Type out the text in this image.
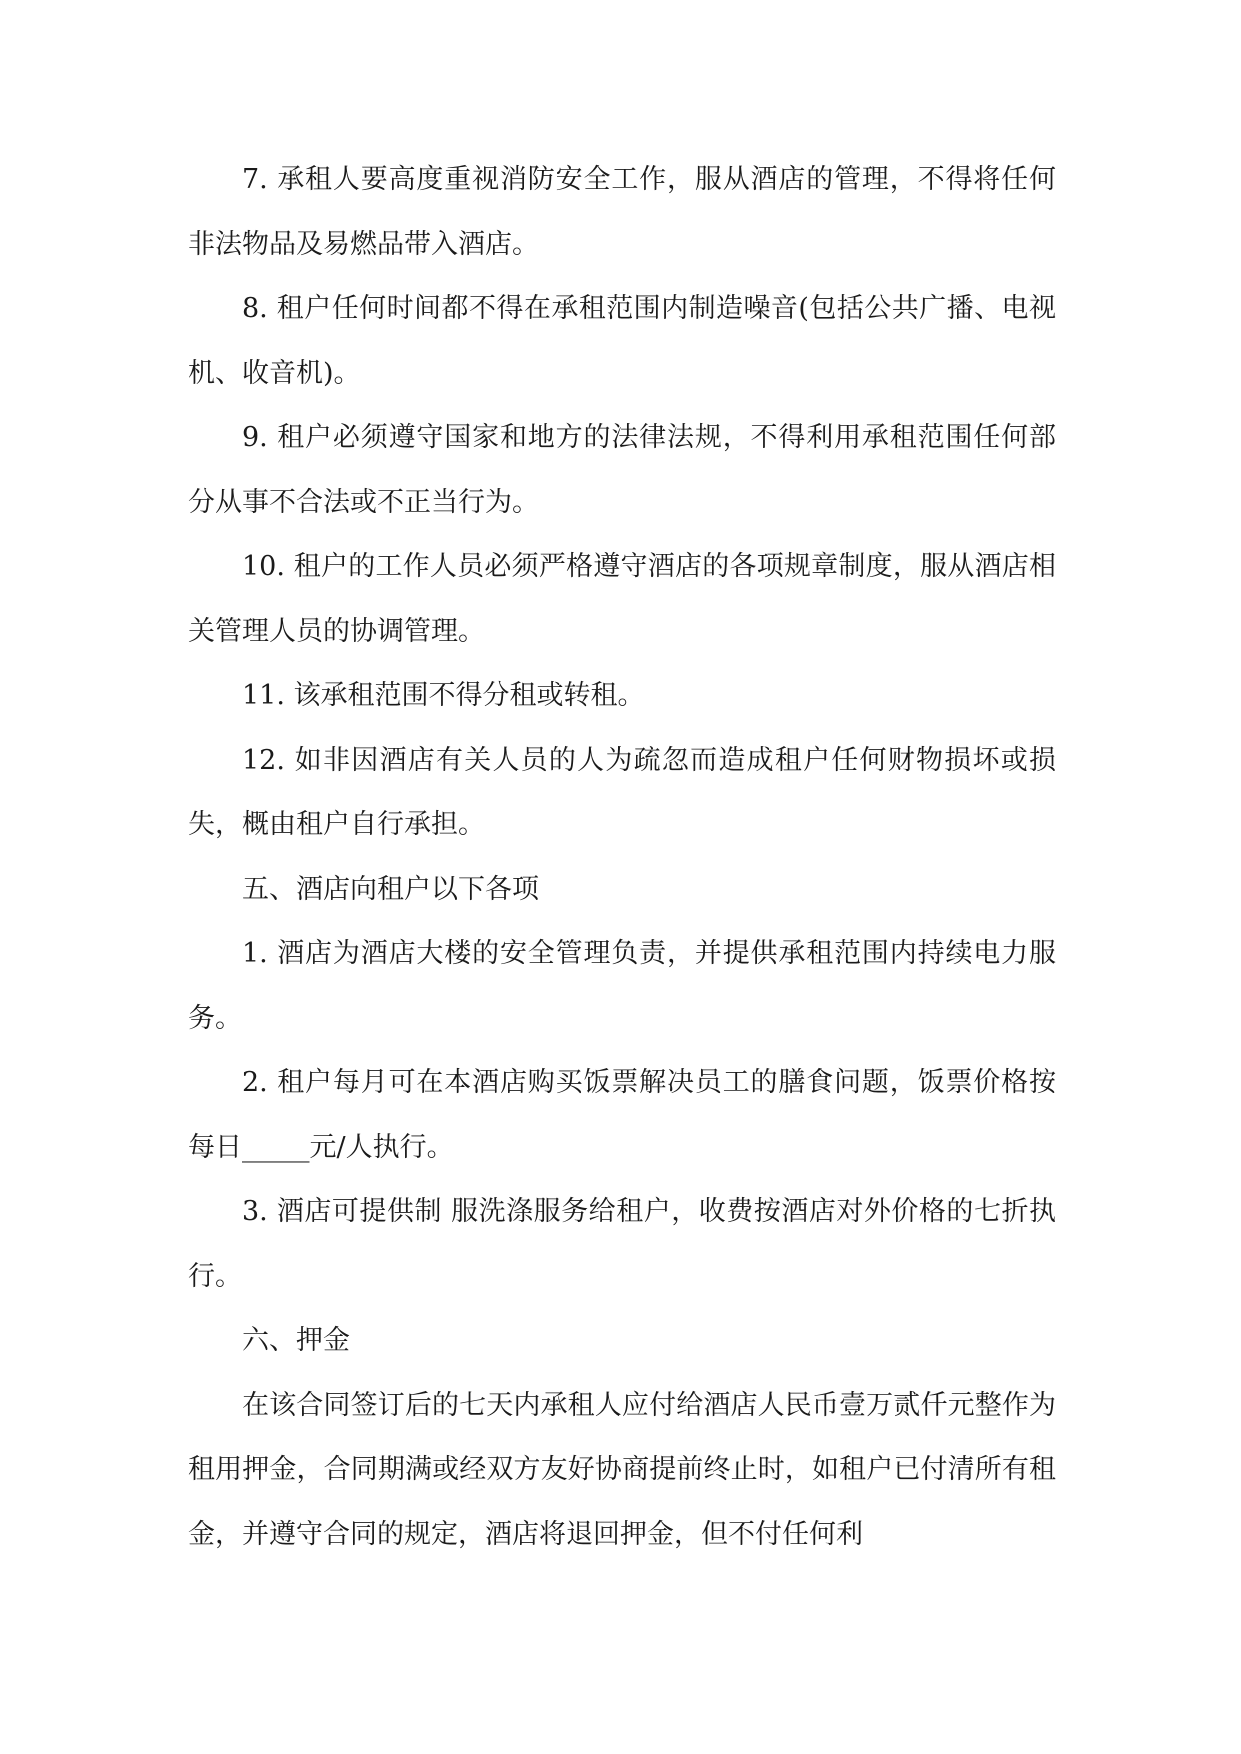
7. 承租人要高度重视消防安全工作，服从酒店的管理，不得将任何非法物品及易燃品带入酒店。

8. 租户任何时间都不得在承租范围内制造噪音(包括公共广播、电视机、收音机)。

9. 租户必须遵守国家和地方的法律法规，不得利用承租范围任何部分从事不合法或不正当行为。

10. 租户的工作人员必须严格遵守酒店的各项规章制度，服从酒店相关管理人员的协调管理。

11. 该承租范围不得分租或转租。

12. 如非因酒店有关人员的人为疏忽而造成租户任何财物损坏或损失，概由租户自行承担。

五、酒店向租户以下各项

1. 酒店为酒店大楼的安全管理负责，并提供承租范围内持续电力服务。

2. 租户每月可在本酒店购买饭票解决员工的膳食问题，饭票价格按每日_____元/人执行。

3. 酒店可提供制 服洗涤服务给租户，收费按酒店对外价格的七折执行。

六、押金

在该合同签订后的七天内承租人应付给酒店人民币壹万贰仟元整作为租用押金，合同期满或经双方友好协商提前终止时，如租户已付清所有租金，并遵守合同的规定，酒店将退回押金，但不付任何利
